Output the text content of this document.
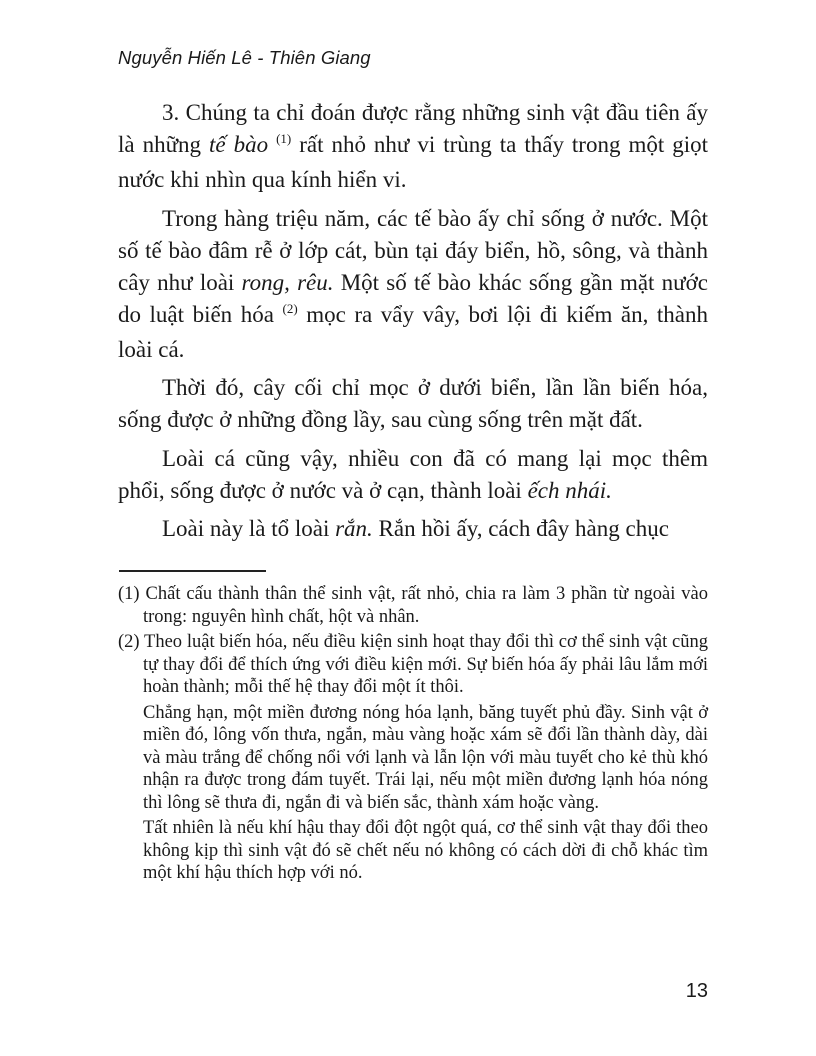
Nguyễn Hiến Lê - Thiên Giang

3. Chúng ta chỉ đoán được rằng những sinh vật đầu tiên ấy là những tế bào $^{(1)}$ rất nhỏ như vi trùng ta thấy trong một giọt nước khi nhìn qua kính hiển vi.

Trong hàng triệu năm, các tế bào ấy chỉ sống ở nước. Một số tế bào đâm rễ ở lớp cát, bùn tại đáy biển, hồ, sông, và thành cây như loài rong, rêu. Một số tế bào khác sống gần mặt nước do luật biến hóa $^{(2)}$ mọc ra vẩy vây, bơi lội đi kiếm ăn, thành loài cá.

Thời đó, cây cối chỉ mọc ở dưới biển, lần lần biến hóa, sống được ở những đồng lầy, sau cùng sống trên mặt đất.

Loài cá cũng vậy, nhiều con đã có mang lại mọc thêm phổi, sống được ở nước và ở cạn, thành loài ếch nhái.

Loài này là tổ loài rắn. Rắn hồi ấy, cách đây hàng chục

(1) Chất cấu thành thân thể sinh vật, rất nhỏ, chia ra làm 3 phần từ ngoài vào trong: nguyên hình chất, hột và nhân.
(2) Theo luật biến hóa, nếu điều kiện sinh hoạt thay đổi thì cơ thể sinh vật cũng tự thay đổi để thích ứng với điều kiện mới. Sự biến hóa ấy phải lâu lắm mới hoàn thành; mỗi thế hệ thay đổi một ít thôi.
Chẳng hạn, một miền đương nóng hóa lạnh, băng tuyết phủ đầy. Sinh vật ở miền đó, lông vốn thưa, ngắn, màu vàng hoặc xám sẽ đổi lần thành dày, dài và màu trắng để chống nổi với lạnh và lẫn lộn với màu tuyết cho kẻ thù khó nhận ra được trong đám tuyết. Trái lại, nếu một miền đương lạnh hóa nóng thì lông sẽ thưa đi, ngắn đi và biến sắc, thành xám hoặc vàng.
Tất nhiên là nếu khí hậu thay đổi đột ngột quá, cơ thể sinh vật thay đổi theo không kịp thì sinh vật đó sẽ chết nếu nó không có cách dời đi chỗ khác tìm một khí hậu thích hợp với nó.
13
